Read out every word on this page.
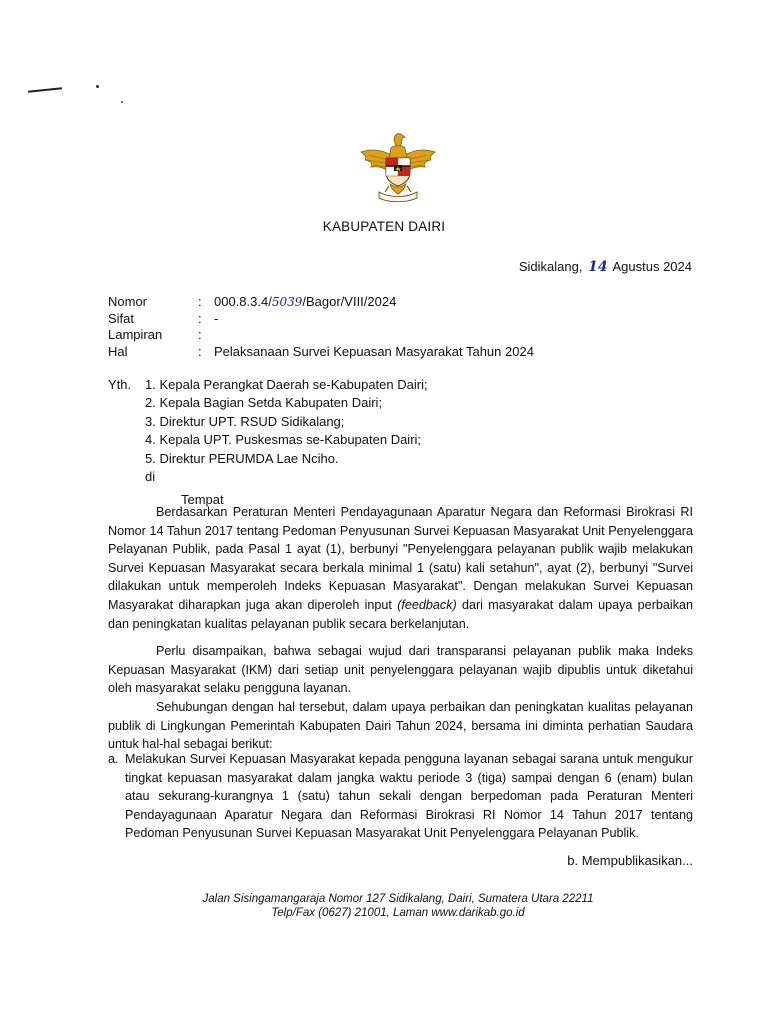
KABUPATEN DAIRI
Sidikalang, 14 Agustus 2024
Nomor	: 000.8.3.4/5039/Bagor/VIII/2024
Sifat	: -
Lampiran	:
Hal	: Pelaksanaan Survei Kepuasan Masyarakat Tahun 2024
Yth.	1. Kepala Perangkat Daerah se-Kabupaten Dairi;
2. Kepala Bagian Setda Kabupaten Dairi;
3. Direktur UPT. RSUD Sidikalang;
4. Kepala UPT. Puskesmas se-Kabupaten Dairi;
5. Direktur PERUMDA Lae Nciho.
di
Tempat

Berdasarkan Peraturan Menteri Pendayagunaan Aparatur Negara dan Reformasi Birokrasi RI Nomor 14 Tahun 2017 tentang Pedoman Penyusunan Survei Kepuasan Masyarakat Unit Penyelenggara Pelayanan Publik, pada Pasal 1 ayat (1), berbunyi "Penyelenggara pelayanan publik wajib melakukan Survei Kepuasan Masyarakat secara berkala minimal 1 (satu) kali setahun", ayat (2), berbunyi "Survei dilakukan untuk memperoleh Indeks Kepuasan Masyarakat". Dengan melakukan Survei Kepuasan Masyarakat diharapkan juga akan diperoleh input (feedback) dari masyarakat dalam upaya perbaikan dan peningkatan kualitas pelayanan publik secara berkelanjutan.

Perlu disampaikan, bahwa sebagai wujud dari transparansi pelayanan publik maka Indeks Kepuasan Masyarakat (IKM) dari setiap unit penyelenggara pelayanan wajib dipublis untuk diketahui oleh masyarakat selaku pengguna layanan.

Sehubungan dengan hal tersebut, dalam upaya perbaikan dan peningkatan kualitas pelayanan publik di Lingkungan Pemerintah Kabupaten Dairi Tahun 2024, bersama ini diminta perhatian Saudara untuk hal-hal sebagai berikut:

a. Melakukan Survei Kepuasan Masyarakat kepada pengguna layanan sebagai sarana untuk mengukur tingkat kepuasan masyarakat dalam jangka waktu periode 3 (tiga) sampai dengan 6 (enam) bulan atau sekurang-kurangnya 1 (satu) tahun sekali dengan berpedoman pada Peraturan Menteri Pendayagunaan Aparatur Negara dan Reformasi Birokrasi RI Nomor 14 Tahun 2017 tentang Pedoman Penyusunan Survei Kepuasan Masyarakat Unit Penyelenggara Pelayanan Publik.
b. Mempublikasikan...
Jalan Sisingamangaraja Nomor 127 Sidikalang, Dairi, Sumatera Utara 22211
Telp/Fax (0627) 21001, Laman www.darikab.go.id
